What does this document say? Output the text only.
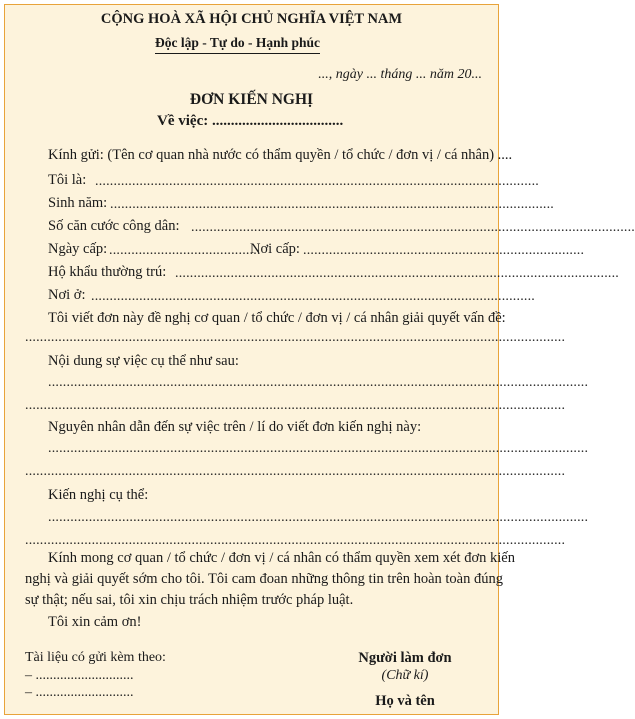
CỘNG HOÀ XÃ HỘI CHỦ NGHĨA VIỆT NAM
Độc lập - Tự do - Hạnh phúc
..., ngày ... tháng ... năm 20...
ĐƠN KIẾN NGHỊ
Về việc: ...................................
Kính gửi: (Tên cơ quan nhà nước có thẩm quyền / tổ chức / đơn vị / cá nhân) ....
Tôi là: ........................................................................................................................
Sinh năm: ........................................................................................................................
Số căn cước công dân: ........................................................................................................................
Ngày cấp: .........................................
Nơi cấp: ............................................................................
Hộ khẩu thường trú: ........................................................................................................................
Nơi ở: ........................................................................................................................
Tôi viết đơn này đề nghị cơ quan / tổ chức / đơn vị / cá nhân giải quyết vấn đề:
..................................................................................................................................................
Nội dung sự việc cụ thể như sau:
..................................................................................................................................................
..................................................................................................................................................
Nguyên nhân dẫn đến sự việc trên / lí do viết đơn kiến nghị này:
..................................................................................................................................................
..................................................................................................................................................
Kiến nghị cụ thể:
..................................................................................................................................................
..................................................................................................................................................
Kính mong cơ quan / tổ chức / đơn vị / cá nhân có thẩm quyền xem xét đơn kiến
nghị và giải quyết sớm cho tôi. Tôi cam đoan những thông tin trên hoàn toàn đúng
sự thật; nếu sai, tôi xin chịu trách nhiệm trước pháp luật.
Tôi xin cảm ơn!
Tài liệu có gửi kèm theo:
– ............................
– ............................
Người làm đơn
(Chữ kí)
Họ và tên
